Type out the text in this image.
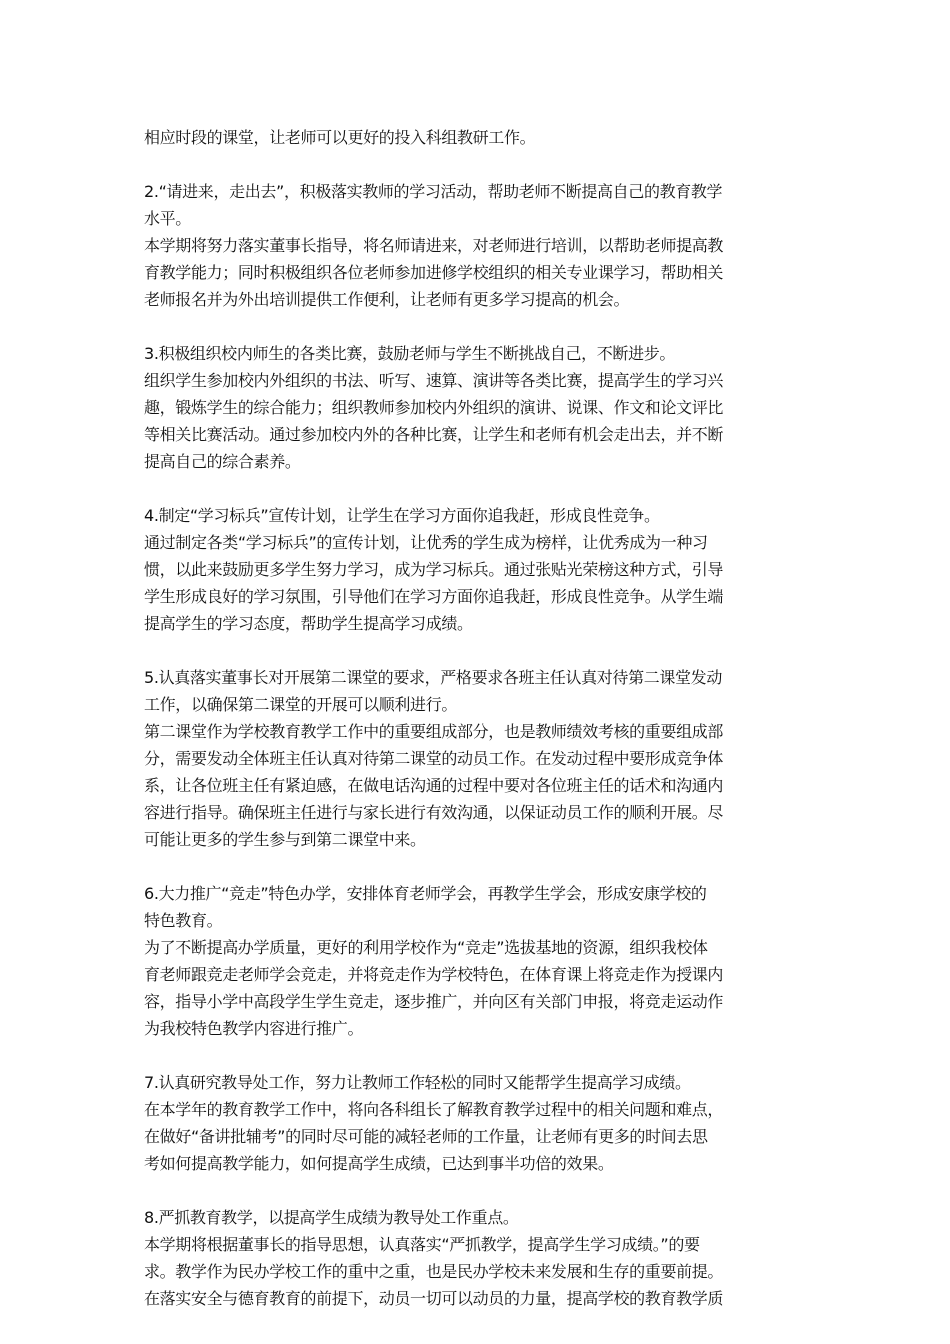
相应时段的课堂，让老师可以更好的投入科组教研工作。
2.“请进来，走出去”，积极落实教师的学习活动，帮助老师不断提高自己的教育教学
水平。
本学期将努力落实董事长指导，将名师请进来，对老师进行培训，以帮助老师提高教
育教学能力；同时积极组织各位老师参加进修学校组织的相关专业课学习，帮助相关
老师报名并为外出培训提供工作便利，让老师有更多学习提高的机会。
3.积极组织校内师生的各类比赛，鼓励老师与学生不断挑战自己，不断进步。
组织学生参加校内外组织的书法、听写、速算、演讲等各类比赛，提高学生的学习兴
趣，锻炼学生的综合能力；组织教师参加校内外组织的演讲、说课、作文和论文评比
等相关比赛活动。通过参加校内外的各种比赛，让学生和老师有机会走出去，并不断
提高自己的综合素养。
4.制定“学习标兵”宣传计划，让学生在学习方面你追我赶，形成良性竞争。
通过制定各类“学习标兵”的宣传计划，让优秀的学生成为榜样，让优秀成为一种习
惯，以此来鼓励更多学生努力学习，成为学习标兵。通过张贴光荣榜这种方式，引导
学生形成良好的学习氛围，引导他们在学习方面你追我赶，形成良性竞争。从学生端
提高学生的学习态度，帮助学生提高学习成绩。
5.认真落实董事长对开展第二课堂的要求，严格要求各班主任认真对待第二课堂发动
工作，以确保第二课堂的开展可以顺利进行。
第二课堂作为学校教育教学工作中的重要组成部分，也是教师绩效考核的重要组成部
分，需要发动全体班主任认真对待第二课堂的动员工作。在发动过程中要形成竞争体
系，让各位班主任有紧迫感，在做电话沟通的过程中要对各位班主任的话术和沟通内
容进行指导。确保班主任进行与家长进行有效沟通，以保证动员工作的顺利开展。尽
可能让更多的学生参与到第二课堂中来。
6.大力推广“竞走”特色办学，安排体育老师学会，再教学生学会，形成安康学校的
特色教育。
为了不断提高办学质量，更好的利用学校作为“竞走”选拔基地的资源，组织我校体
育老师跟竞走老师学会竞走，并将竞走作为学校特色，在体育课上将竞走作为授课内
容，指导小学中高段学生学生竞走，逐步推广，并向区有关部门申报，将竞走运动作
为我校特色教学内容进行推广。
7.认真研究教导处工作，努力让教师工作轻松的同时又能帮学生提高学习成绩。
在本学年的教育教学工作中，将向各科组长了解教育教学过程中的相关问题和难点，
在做好“备讲批辅考”的同时尽可能的减轻老师的工作量，让老师有更多的时间去思
考如何提高教学能力，如何提高学生成绩，已达到事半功倍的效果。
8.严抓教育教学，以提高学生成绩为教导处工作重点。
本学期将根据董事长的指导思想，认真落实“严抓教学，提高学生学习成绩。”的要
求。教学作为民办学校工作的重中之重，也是民办学校未来发展和生存的重要前提。
在落实安全与德育教育的前提下，动员一切可以动员的力量，提高学校的教育教学质
